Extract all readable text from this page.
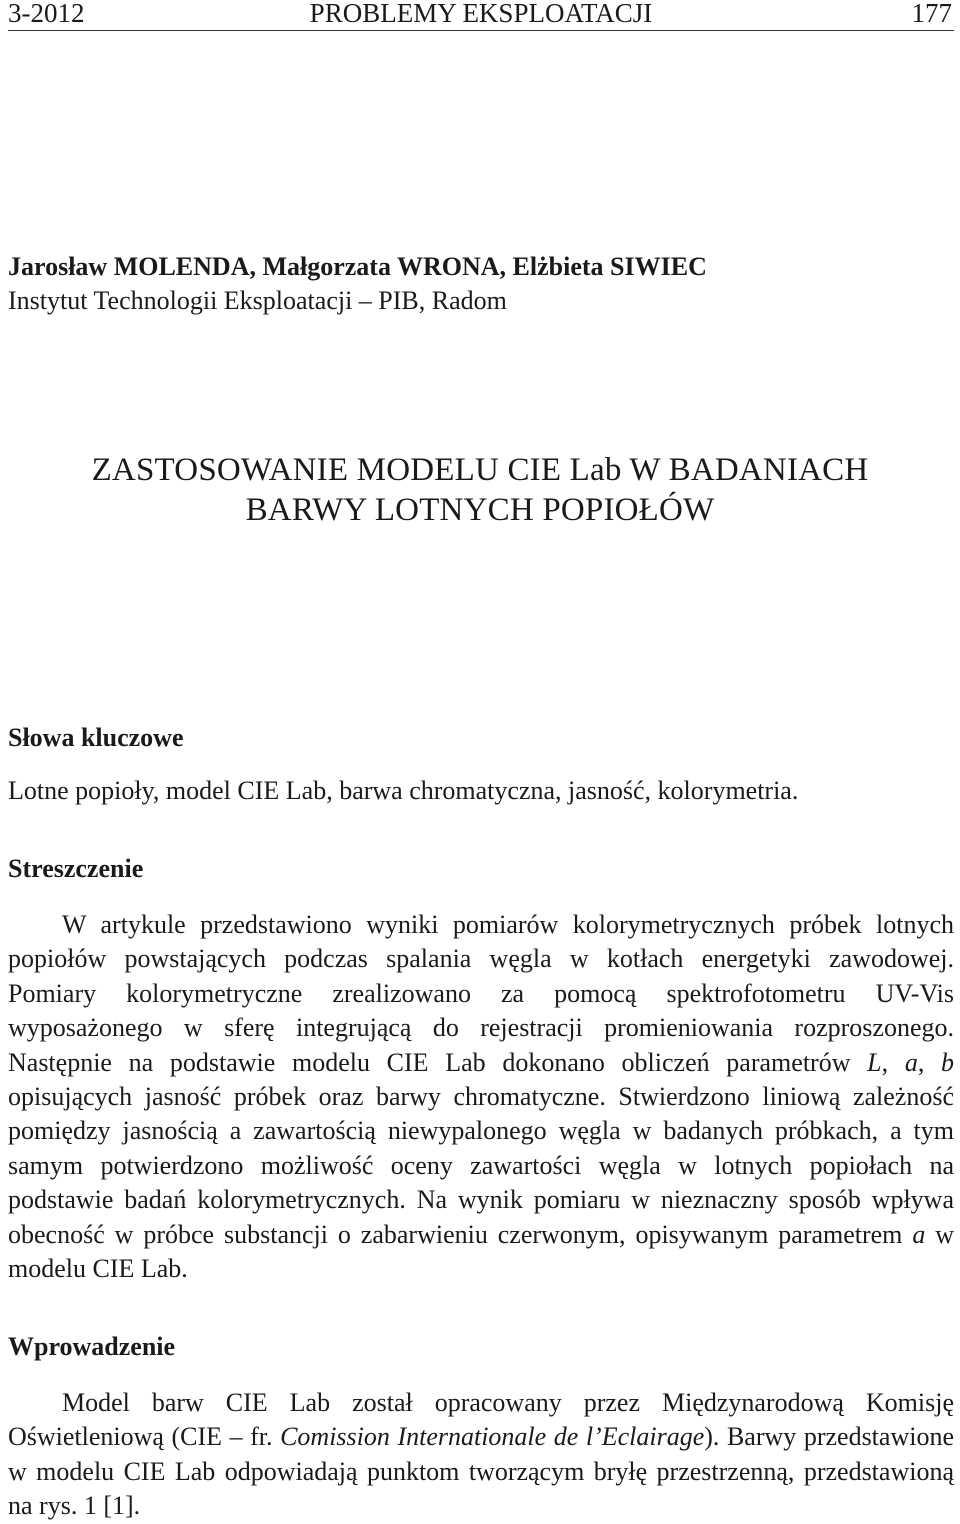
3-2012	PROBLEMY EKSPLOATACJI	177
Jarosław MOLENDA, Małgorzata WRONA, Elżbieta SIWIEC
Instytut Technologii Eksploatacji – PIB, Radom
ZASTOSOWANIE MODELU CIE Lab W BADANIACH
BARWY LOTNYCH POPIOŁÓW
Słowa kluczowe
Lotne popioły, model CIE Lab, barwa chromatyczna, jasność, kolorymetria.
Streszczenie
W artykule przedstawiono wyniki pomiarów kolorymetrycznych próbek lotnych popiołów powstających podczas spalania węgla w kotłach energetyki zawodowej. Pomiary kolorymetryczne zrealizowano za pomocą spektrofotometru UV-Vis wyposażonego w sferę integrującą do rejestracji promieniowania rozproszonego. Następnie na podstawie modelu CIE Lab dokonano obliczeń parametrów L, a, b opisujących jasność próbek oraz barwy chromatyczne. Stwierdzono liniową zależność pomiędzy jasnością a zawartością niewypalonego węgla w badanych próbkach, a tym samym potwierdzono możliwość oceny zawartości węgla w lotnych popiołach na podstawie badań kolorymetrycznych. Na wynik pomiaru w nieznaczny sposób wpływa obecność w próbce substancji o zabarwieniu czerwonym, opisywanym parametrem a w modelu CIE Lab.
Wprowadzenie
Model barw CIE Lab został opracowany przez Międzynarodową Komisję Oświetleniową (CIE – fr. Comission Internationale de l’Eclairage). Barwy przedstawione w modelu CIE Lab odpowiadają punktom tworzącym bryłę przestrzenną, przedstawioną na rys. 1 [1].
